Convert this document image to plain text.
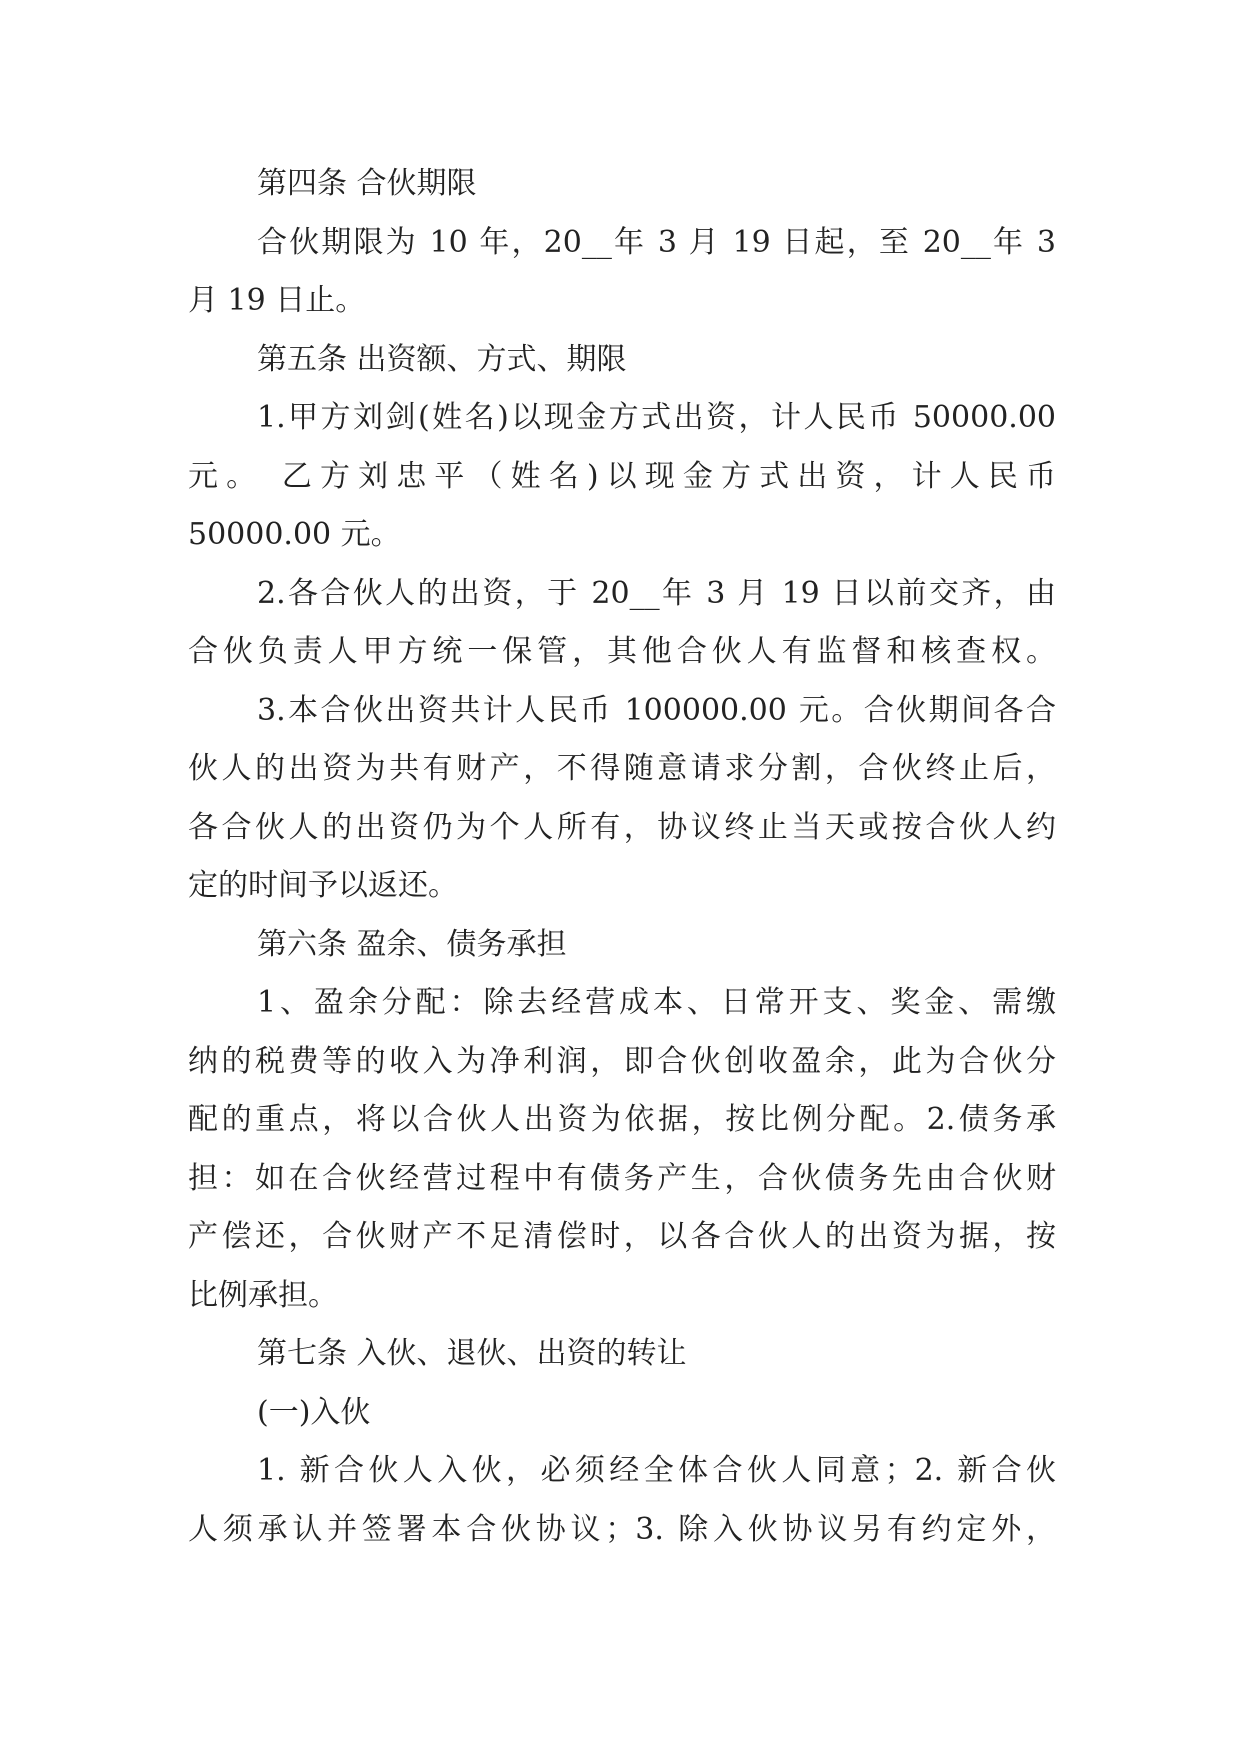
第四条 合伙期限
合伙期限为 10 年，20__年 3 月 19 日起，至 20__年 3
月 19 日止。
第五条 出资额、方式、期限
1.甲方刘剑(姓名)以现金方式出资，计人民币 50000.00
元。 乙方刘忠平（姓名)以现金方式出资，计人民币
50000.00 元。
2.各合伙人的出资，于 20__年 3 月 19 日以前交齐，由
合伙负责人甲方统一保管，其他合伙人有监督和核查权。
3.本合伙出资共计人民币 100000.00 元。合伙期间各合
伙人的出资为共有财产，不得随意请求分割，合伙终止后，
各合伙人的出资仍为个人所有，协议终止当天或按合伙人约
定的时间予以返还。
第六条 盈余、债务承担
1、盈余分配：除去经营成本、日常开支、奖金、需缴
纳的税费等的收入为净利润，即合伙创收盈余，此为合伙分
配的重点，将以合伙人出资为依据，按比例分配。2.债务承
担：如在合伙经营过程中有债务产生，合伙债务先由合伙财
产偿还，合伙财产不足清偿时，以各合伙人的出资为据，按
比例承担。
第七条 入伙、退伙、出资的转让
(一)入伙
1. 新合伙人入伙，必须经全体合伙人同意；2. 新合伙
人须承认并签署本合伙协议；3. 除入伙协议另有约定外，
